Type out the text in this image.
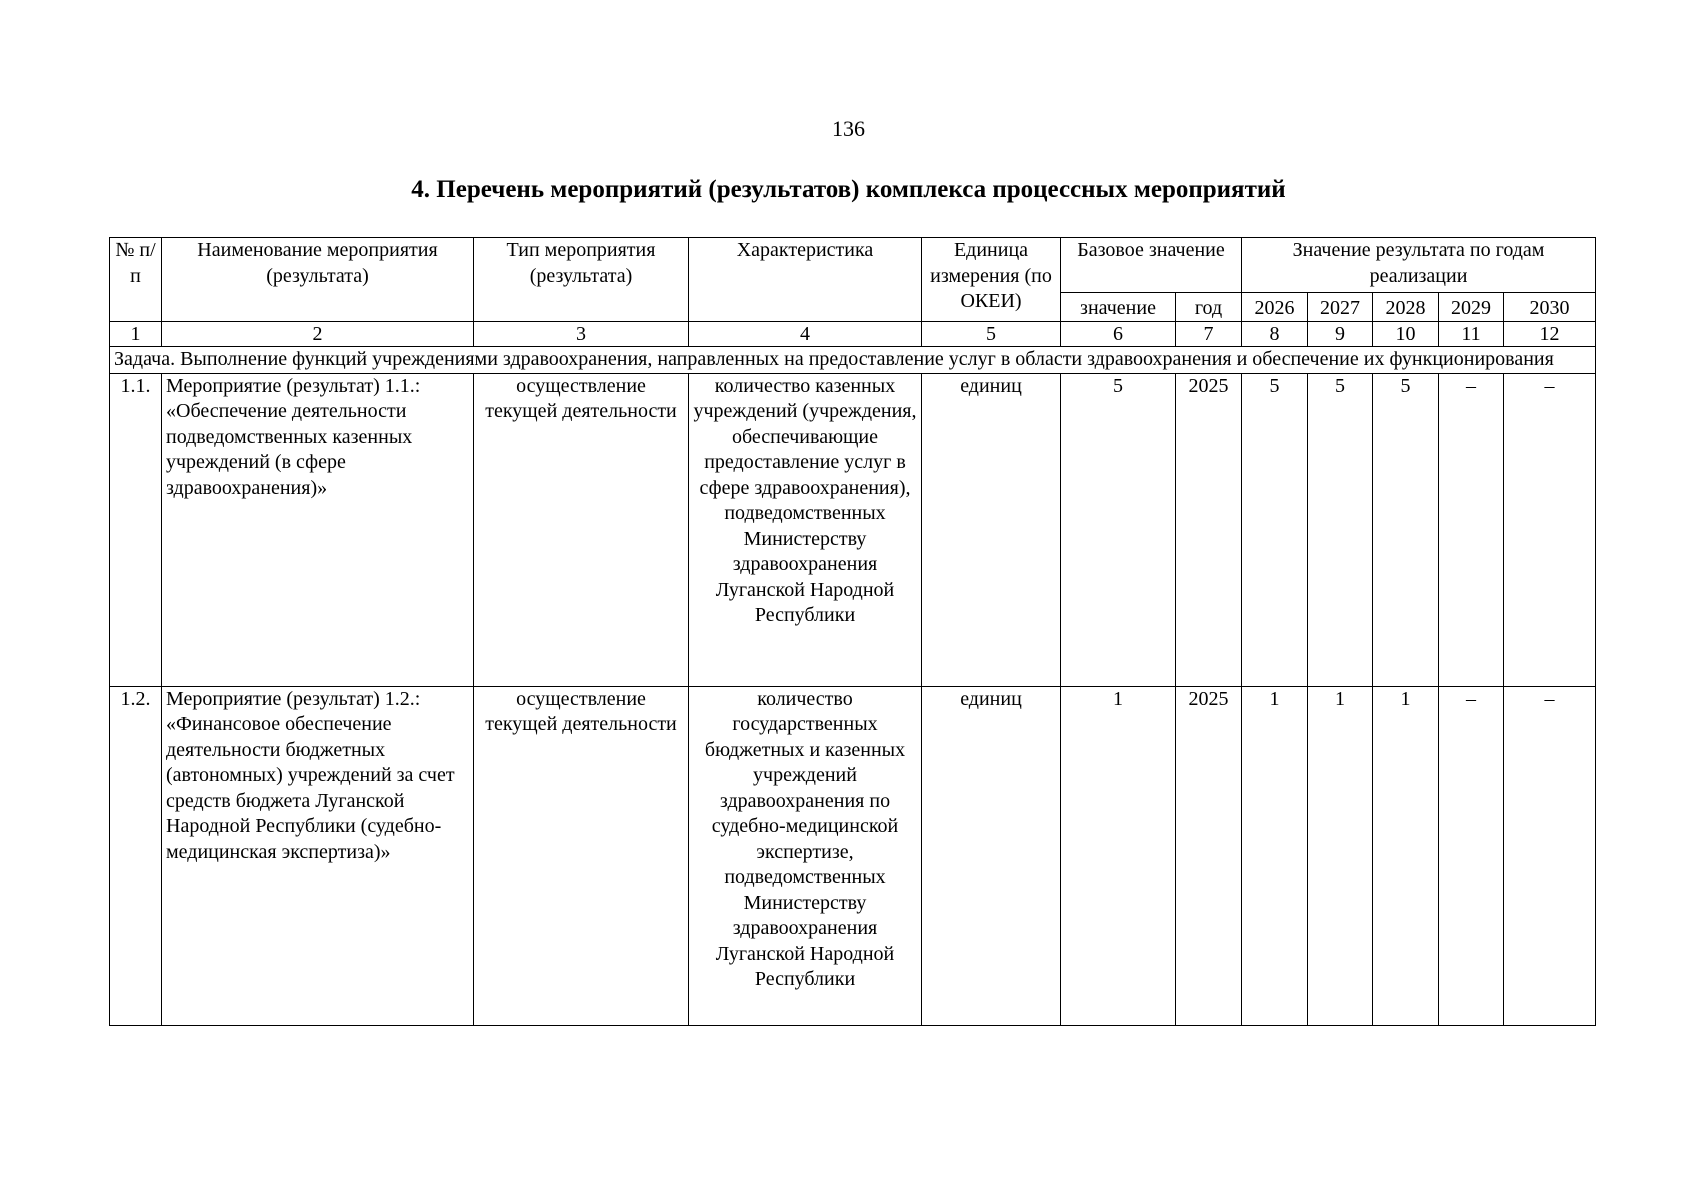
136
4. Перечень мероприятий (результатов) комплекса процессных мероприятий
№ п/п	Наименование мероприятия (результата)	Тип мероприятия (результата)	Характеристика	Единица измерения (по ОКЕИ)	Базовое значение		Значение результата по годам реализации				
					значение	год	2026	2027	2028	2029	2030
1	2	3	4	5	6	7	8	9	10	11	12
Задача. Выполнение функций учреждениями здравоохранения, направленных на предоставление услуг в области здравоохранения и обеспечение их функционирования											
1.1.	Мероприятие (результат) 1.1.: «Обеспечение деятельности подведомственных казенных учреждений (в сфере здравоохранения)»	осуществление текущей деятельности	количество казенных учреждений (учреждения, обеспечивающие предоставление услуг в сфере здравоохранения), подведомственных Министерству здравоохранения Луганской Народной Республики	единиц	5	2025	5	5	5	–	–
1.2.	Мероприятие (результат) 1.2.: «Финансовое обеспечение деятельности бюджетных (автономных) учреждений за счет средств бюджета Луганской Народной Республики (судебно-медицинская экспертиза)»	осуществление текущей деятельности	количество государственных бюджетных и казенных учреждений здравоохранения по судебно-медицинской экспертизе, подведомственных Министерству здравоохранения Луганской Народной Республики	единиц	1	2025	1	1	1	–	–
